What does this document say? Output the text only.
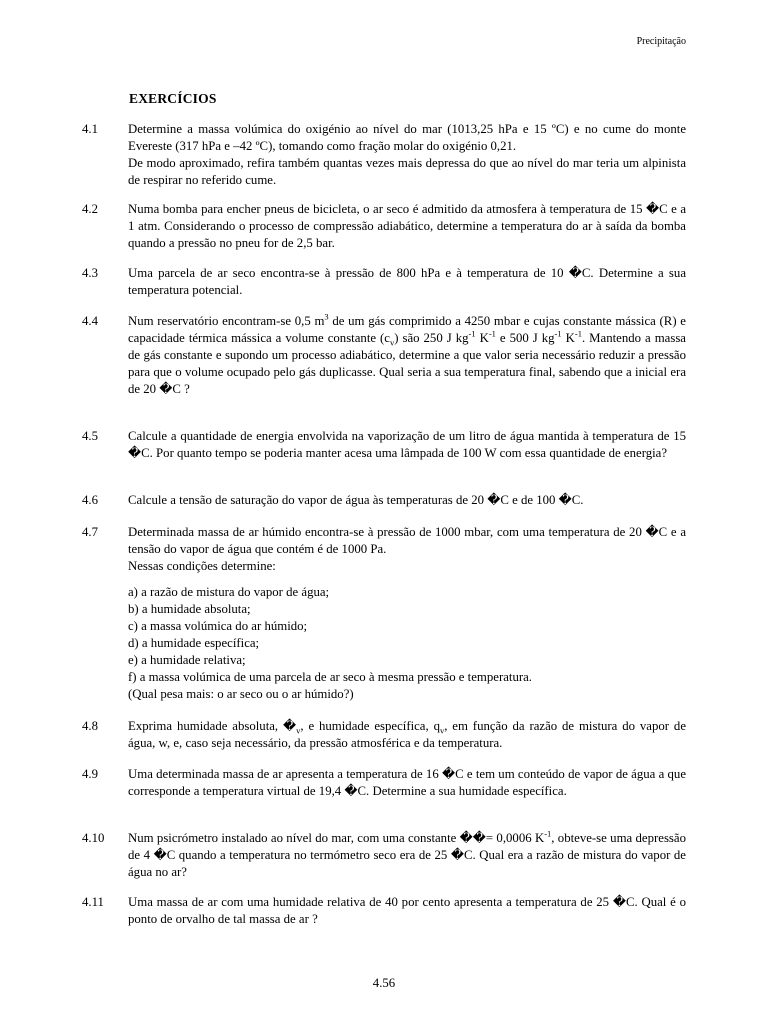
Precipitação
EXERCÍCIOS
4.1 Determine a massa volúmica do oxigénio ao nível do mar (1013,25 hPa e 15 ºC) e no cume do monte Evereste (317 hPa e –42 ºC), tomando como fração molar do oxigénio 0,21.

De modo aproximado, refira também quantas vezes mais depressa do que ao nível do mar teria um alpinista de respirar no referido cume.

4.2 Numa bomba para encher pneus de bicicleta, o ar seco é admitido da atmosfera à temperatura de 15 �C e a 1 atm. Considerando o processo de compressão adiabático, determine a temperatura do ar à saída da bomba quando a pressão no pneu for de 2,5 bar.

4.3 Uma parcela de ar seco encontra-se à pressão de 800 hPa e à temperatura de 10 �C. Determine a sua temperatura potencial.

4.4 Num reservatório encontram-se 0,5 $m^3$ de um gás comprimido a 4250 mbar e cujas constante mássica (R) e capacidade térmica mássica a volume constante $(c_v)$ são 250 J $kg^{-1}$ $K^{-1}$ e 500 J $kg^{-1}$ $K^{-1}$. Mantendo a massa de gás constante e supondo um processo adiabático, determine a que valor seria necessário reduzir a pressão para que o volume ocupado pelo gás duplicasse. Qual seria a sua temperatura final, sabendo que a inicial era de 20 �C ?

4.5 Calcule a quantidade de energia envolvida na vaporização de um litro de água mantida à temperatura de 15 �C. Por quanto tempo se poderia manter acesa uma lâmpada de 100 W com essa quantidade de energia?

4.6 Calcule a tensão de saturação do vapor de água às temperaturas de 20 �C e de 100 �C.

4.7 Determinada massa de ar húmido encontra-se à pressão de 1000 mbar, com uma temperatura de 20 �C e a tensão do vapor de água que contém é de 1000 Pa.

Nessas condições determine:

a) a razão de mistura do vapor de água;
b) a humidade absoluta;
c) a massa volúmica do ar húmido;
d) a humidade específica;
e) a humidade relativa;
f) a massa volúmica de uma parcela de ar seco à mesma pressão e temperatura.
(Qual pesa mais: o ar seco ou o ar húmido?)
4.8 Exprima humidade absoluta, $�_v$, e humidade específica, $q_v$, em função da razão de mistura do vapor de água, w, e, caso seja necessário, da pressão atmosférica e da temperatura.

4.9 Uma determinada massa de ar apresenta a temperatura de 16 �C e tem um conteúdo de vapor de água a que corresponde a temperatura virtual de 19,4 �C. Determine a sua humidade específica.

4.10 Num psicrómetro instalado ao nível do mar, com uma constante ��= 0,0006 $K^{-1}$, obteve-se uma depressão de 4 �C quando a temperatura no termómetro seco era de 25 �C. Qual era a razão de mistura do vapor de água no ar?

4.11 Uma massa de ar com uma humidade relativa de 40 por cento apresenta a temperatura de 25 �C. Qual é o ponto de orvalho de tal massa de ar ?

4.56
